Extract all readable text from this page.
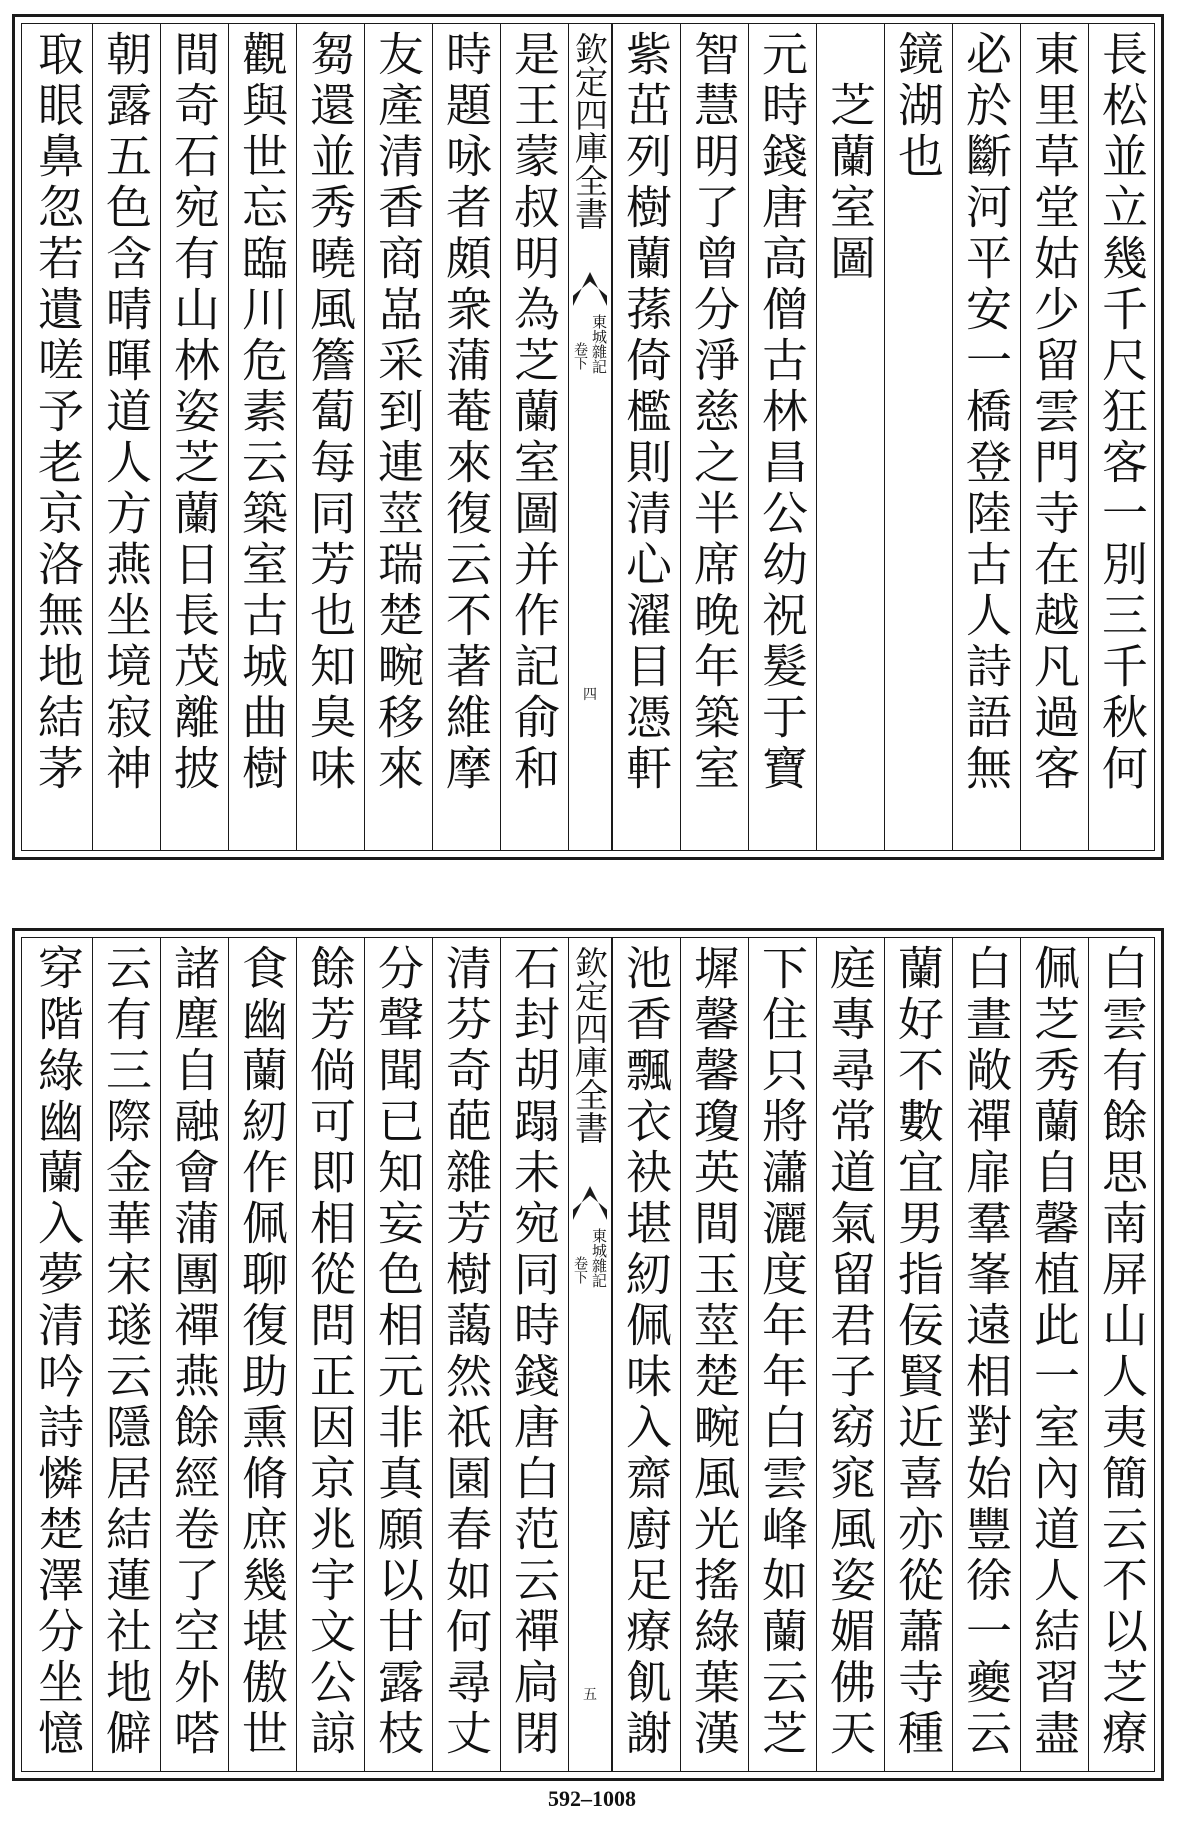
長松並立幾千尺狂客一別三千秋何
東里草堂姑少留雲門寺在越凡過客
必於斷河平安一橋登陸古人詩語無
鏡湖也
　芝蘭室圖
元時錢唐高僧古林昌公幼祝髮于寶
智慧明了曾分淨慈之半席晚年築室
紫茁列樹蘭蓀倚檻則清心濯目憑軒
欽定四庫全書
東城雜記
卷下
四
是王蒙叔明為芝蘭室圖并作記俞和
時題咏者頗衆蒲菴來復云不著維摩
友產清香商嵓采到連莖瑞楚畹移來
芻還並秀曉風簷蔔每同芳也知臭味
觀與世忘臨川危素云築室古城曲樹
間奇石宛有山林姿芝蘭日長茂離披
朝露五色含晴暉道人方燕坐境寂神
取眼鼻忽若遺嗟予老京洛無地結茅
白雲有餘思南屏山人夷簡云不以芝療
佩芝秀蘭自馨植此一室內道人結習盡
白晝敞禪扉羣峯遠相對始豐徐一夔云
蘭好不數宜男指佞賢近喜亦從蕭寺種
庭專尋常道氣留君子窈窕風姿媚佛天
下住只將瀟灑度年年白雲峰如蘭云芝
墀馨馨瓊英間玉莖楚畹風光搖綠葉漢
池香飄衣袂堪紉佩味入齋廚足療飢謝
欽定四庫全書
東城雜記
卷下
五
石封胡蹋未宛同時錢唐白范云禪扃閉
清芬奇葩雜芳樹藹然祇園春如何尋丈
分聲聞已知妄色相元非真願以甘露枝
餘芳倘可即相從問正因京兆宇文公諒
食幽蘭紉作佩聊復助熏脩庶幾堪傲世
諸塵自融會蒲團禪燕餘經卷了空外嗒
云有三際金華宋璲云隱居結蓮社地僻
穿階綠幽蘭入夢清吟詩憐楚澤分坐憶
592–1008
